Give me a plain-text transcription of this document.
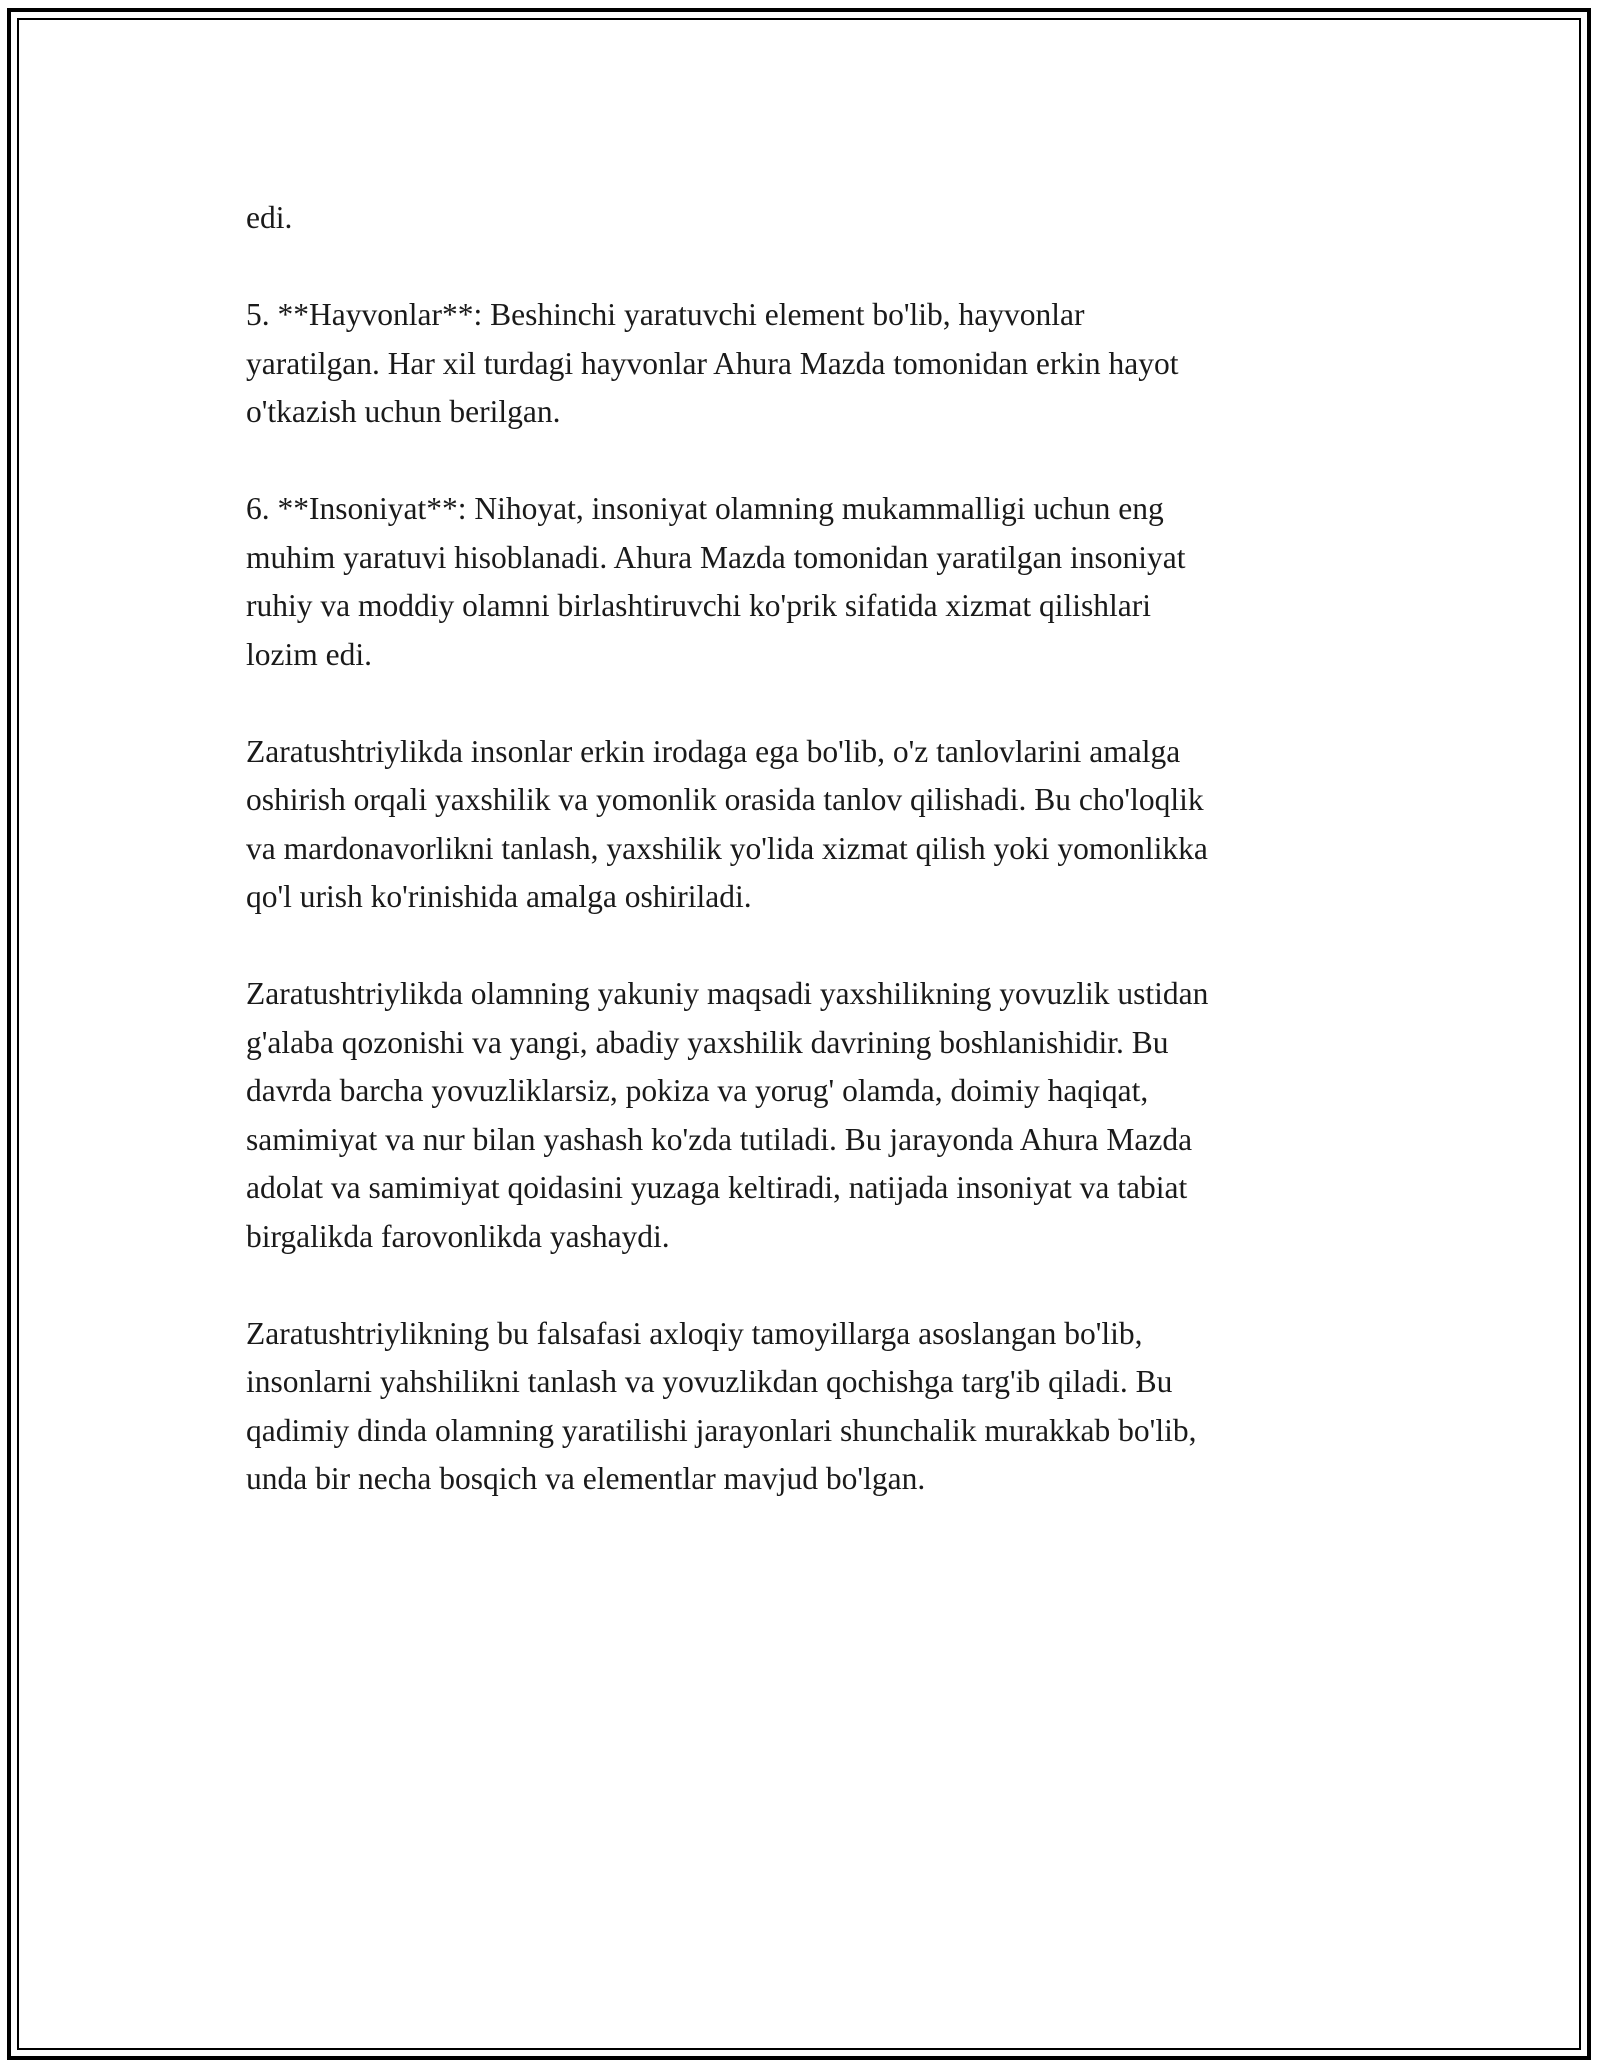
edi.

5. **Hayvonlar**: Beshinchi yaratuvchi element bo'lib, hayvonlar
yaratilgan. Har xil turdagi hayvonlar Ahura Mazda tomonidan erkin hayot
o'tkazish uchun berilgan.

6. **Insoniyat**: Nihoyat, insoniyat olamning mukammalligi uchun eng
muhim yaratuvi hisoblanadi. Ahura Mazda tomonidan yaratilgan insoniyat
ruhiy va moddiy olamni birlashtiruvchi ko'prik sifatida xizmat qilishlari
lozim edi.

Zaratushtriylikda insonlar erkin irodaga ega bo'lib, o'z tanlovlarini amalga
oshirish orqali yaxshilik va yomonlik orasida tanlov qilishadi. Bu cho'loqlik
va mardonavorlikni tanlash, yaxshilik yo'lida xizmat qilish yoki yomonlikka
qo'l urish ko'rinishida amalga oshiriladi.

Zaratushtriylikda olamning yakuniy maqsadi yaxshilikning yovuzlik ustidan
g'alaba qozonishi va yangi, abadiy yaxshilik davrining boshlanishidir. Bu
davrda barcha yovuzliklarsiz, pokiza va yorug' olamda, doimiy haqiqat,
samimiyat va nur bilan yashash ko'zda tutiladi. Bu jarayonda Ahura Mazda
adolat va samimiyat qoidasini yuzaga keltiradi, natijada insoniyat va tabiat
birgalikda farovonlikda yashaydi.

Zaratushtriylikning bu falsafasi axloqiy tamoyillarga asoslangan bo'lib,
insonlarni yahshilikni tanlash va yovuzlikdan qochishga targ'ib qiladi. Bu
qadimiy dinda olamning yaratilishi jarayonlari shunchalik murakkab bo'lib,
unda bir necha bosqich va elementlar mavjud bo'lgan.
